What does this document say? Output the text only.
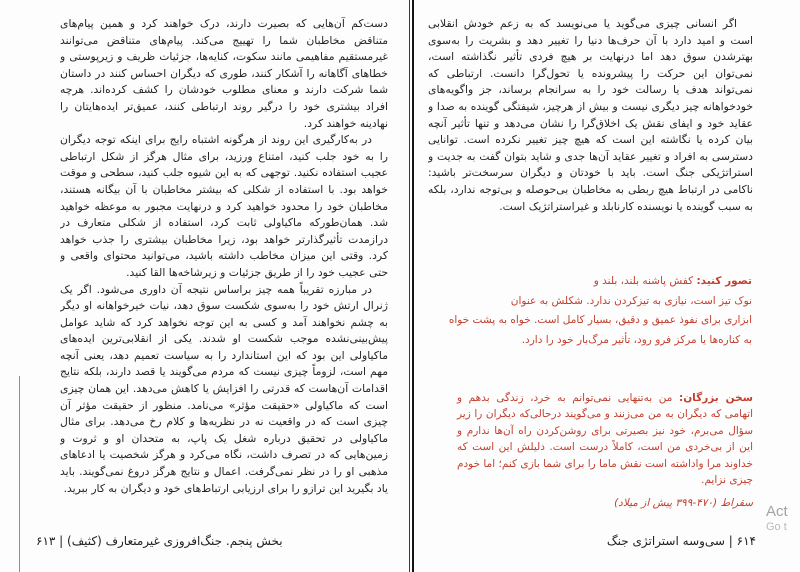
دست‌کم آن‌هایی که بصیرت دارند، درک خواهند کرد و همین پیام‌های متناقض مخاطبان شما را تهییج می‌کند. پیام‌های متناقض می‌توانند غیرمستقیم مفاهیمی مانند سکوت، کنایه‌ها، جزئیات ظریف و زیرپوستی و خطاهای آگاهانه را آشکار کنند، طوری که دیگران احساس کنند در داستان شما شرکت دارند و معنای مطلوب خودشان را کشف کرده‌اند. هرچه افراد بیشتری خود را درگیر روند ارتباطی کنند، عمیق‌تر ایده‌هایتان را نهادینه خواهند کرد.

در به‌کارگیری این روند از هرگونه اشتباه رایج برای اینکه توجه دیگران را به خود جلب کنید، امتناع ورزید، برای مثال هرگز از شکل ارتباطی عجیب استفاده نکنید. توجهی که به این شیوه جلب کنید، سطحی و موقت خواهد بود. با استفاده از شکلی که بیشتر مخاطبان با آن بیگانه هستند، مخاطبان خود را محدود خواهید کرد و درنهایت مجبور به موعظه خواهید شد. همان‌طورکه ماکیاولی ثابت کرد، استفاده از شکلی متعارف در درازمدت تأثیرگذارتر خواهد بود، زیرا مخاطبان بیشتری را جذب خواهد کرد. وقتی این میزان مخاطب داشته باشید، می‌توانید محتوای واقعی و حتی عجیب خود را از طریق جزئیات و زیرشاخه‌ها القا کنید.

در مبارزه تقریباً همه چیز براساس نتیجه آن داوری می‌شود. اگر یک ژنرال ارتش خود را به‌سوی شکست سوق دهد، نیات خیرخواهانه او دیگر به چشم نخواهند آمد و کسی به این توجه نخواهد کرد که شاید عوامل پیش‌بینی‌نشده موجب شکست او شدند. یکی از انقلابی‌ترین ایده‌های ماکیاولی این بود که این استاندارد را به سیاست تعمیم دهد، یعنی آنچه مهم است، لزوماً چیزی نیست که مردم می‌گویند یا قصد دارند، بلکه نتایج اقدامات آن‌هاست که قدرتی را افزایش یا کاهش می‌دهد. این همان چیزی است که ماکیاولی «حقیقت مؤثر» می‌نامد. منظور از حقیقت مؤثر آن چیزی است که در واقعیت نه در نظریه‌ها و کلام رخ می‌دهد. برای مثال ماکیاولی در تحقیق درباره شغل یک پاپ، به متحدان او و ثروت و زمین‌هایی که در تصرف داشت، نگاه می‌کرد و هرگز شخصیت یا ادعاهای مذهبی او را در نظر نمی‌گرفت. اعمال و نتایج هرگز دروغ نمی‌گویند. باید یاد بگیرید این ترازو را برای ارزیابی ارتباط‌های خود و دیگران به کار ببرید.

اگر انسانی چیزی می‌گوید یا می‌نویسد که به زعم خودش انقلابی است و امید دارد با آن حرف‌ها دنیا را تغییر دهد و بشریت را به‌سوی بهترشدن سوق دهد اما درنهایت بر هیچ فردی تأثیر نگذاشته است، نمی‌توان این حرکت را پیشرونده یا تحول‌گرا دانست. ارتباطی که نمی‌تواند هدف یا رسالت خود را به سرانجام برساند، جز واگویه‌های خودخواهانه چیز دیگری نیست و بیش از هرچیز، شیفتگی گوینده به صدا و عقاید خود و ایفای نقش یک اخلاق‌گرا را نشان می‌دهد و تنها تأثیر آنچه بیان کرده یا نگاشته این است که هیچ چیز تغییر نکرده است. توانایی دسترسی به افراد و تغییر عقاید آن‌ها جدی و شاید بتوان گفت به جدیت و استراتژیکی جنگ است. باید با خودتان و دیگران سرسخت‌تر باشید: ناکامی در ارتباط هیچ ربطی به مخاطبان بی‌حوصله و بی‌توجه ندارد، بلکه به سبب گوینده یا نویسنده کارنابلد و غیراستراتژیک است.

تصور کنید: کفش پاشنه بلند، بلند و
نوک تیز است، نیازی به تیزکردن ندارد. شکلش به عنوان
ابزاری برای نفوذ عمیق و دقیق، بسیار کامل است. خواه به پشت خواه
به کناره‌ها یا مرکز فرو رود، تأثیر مرگ‌بار خود را دارد.

سخن بزرگان: من به‌تنهایی نمی‌توانم به خرد، زندگی بدهم و اتهامی که دیگران به من می‌زنند و می‌گویند درحالی‌که دیگران را زیر سؤال می‌برم، خود نیز بصیرتی برای روشن‌کردن راه آن‌ها ندارم و این از بی‌خردی من است، کاملاً درست است. دلیلش این است که خداوند مرا واداشته است نقش ماما را برای شما بازی کنم؛ اما خودم چیزی نزایم.

سقراط (۴۷۰-۳۹۹ پیش از میلاد)
بخش پنجم. جنگ‌افروزی غیرمتعارف (کثیف) | ۶۱۳	۶۱۴ | سی‌وسه استراتژی جنگ
Act
Go t
